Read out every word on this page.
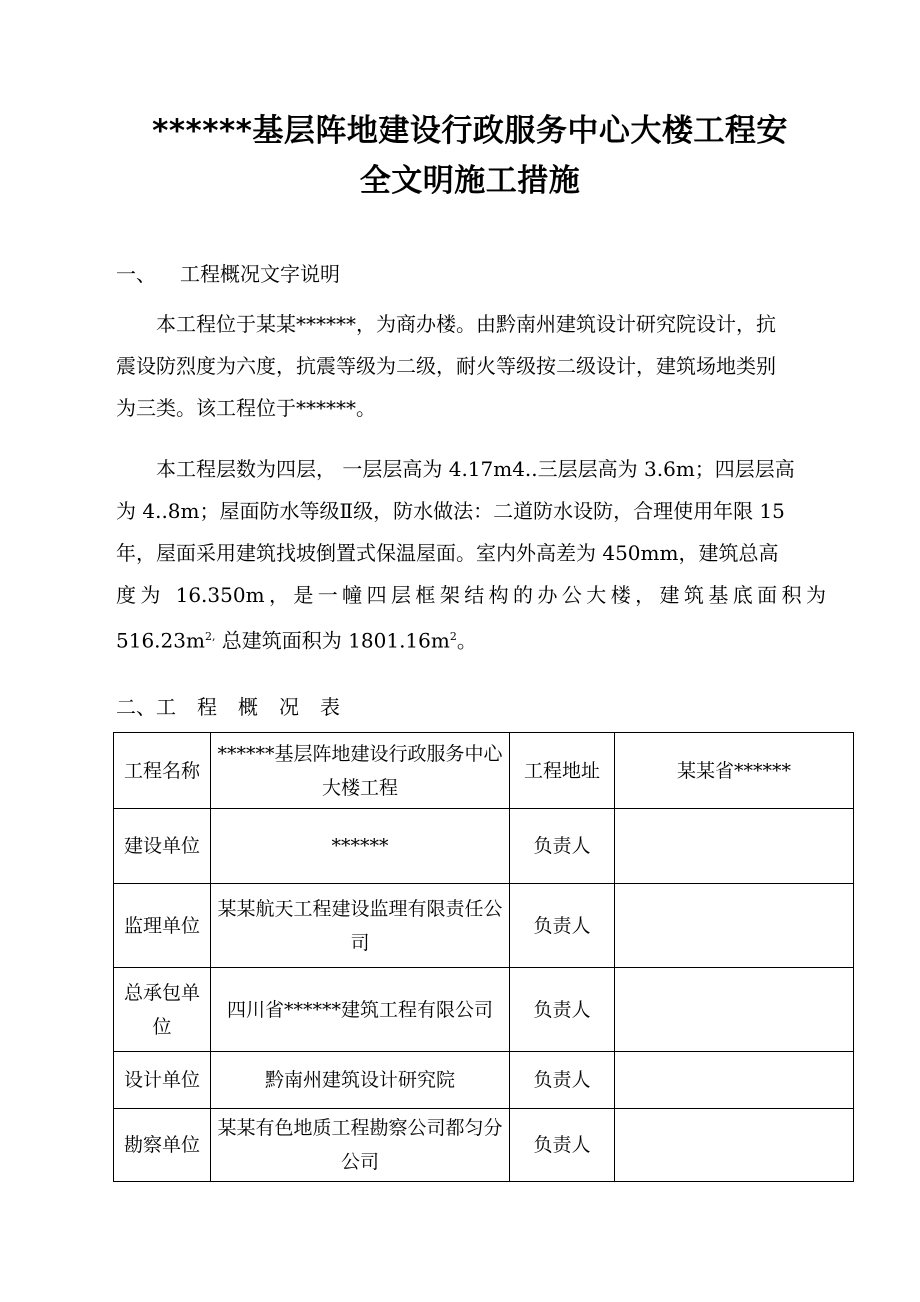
******基层阵地建设行政服务中心大楼工程安
全文明施工措施
一、 工程概况文字说明
本工程位于某某******，为商办楼。由黔南州建筑设计研究院设计，抗
震设防烈度为六度，抗震等级为二级，耐火等级按二级设计，建筑场地类别
为三类。该工程位于******。
本工程层数为四层， 一层层高为 4.17m4..三层层高为 3.6m；四层层高
为 4..8m；屋面防水等级Ⅱ级，防水做法：二道防水设防，合理使用年限 15
年，屋面采用建筑找坡倒置式保温屋面。室内外高差为 450mm，建筑总高
度为 16.350m，是一幢四层框架结构的办公大楼，建筑基底面积为
$516.23m^{2,}$ 总建筑面积为 $1801.16m^2$。
二、工 程 概 况 表
工程名称	******基层阵地建设行政服务中心大楼工程	工程地址	某某省******
建设单位	******	负责人	
监理单位	某某航天工程建设监理有限责任公司	负责人	
总承包单位	四川省******建筑工程有限公司	负责人	
设计单位	黔南州建筑设计研究院	负责人	
勘察单位	某某有色地质工程勘察公司都匀分公司	负责人	
